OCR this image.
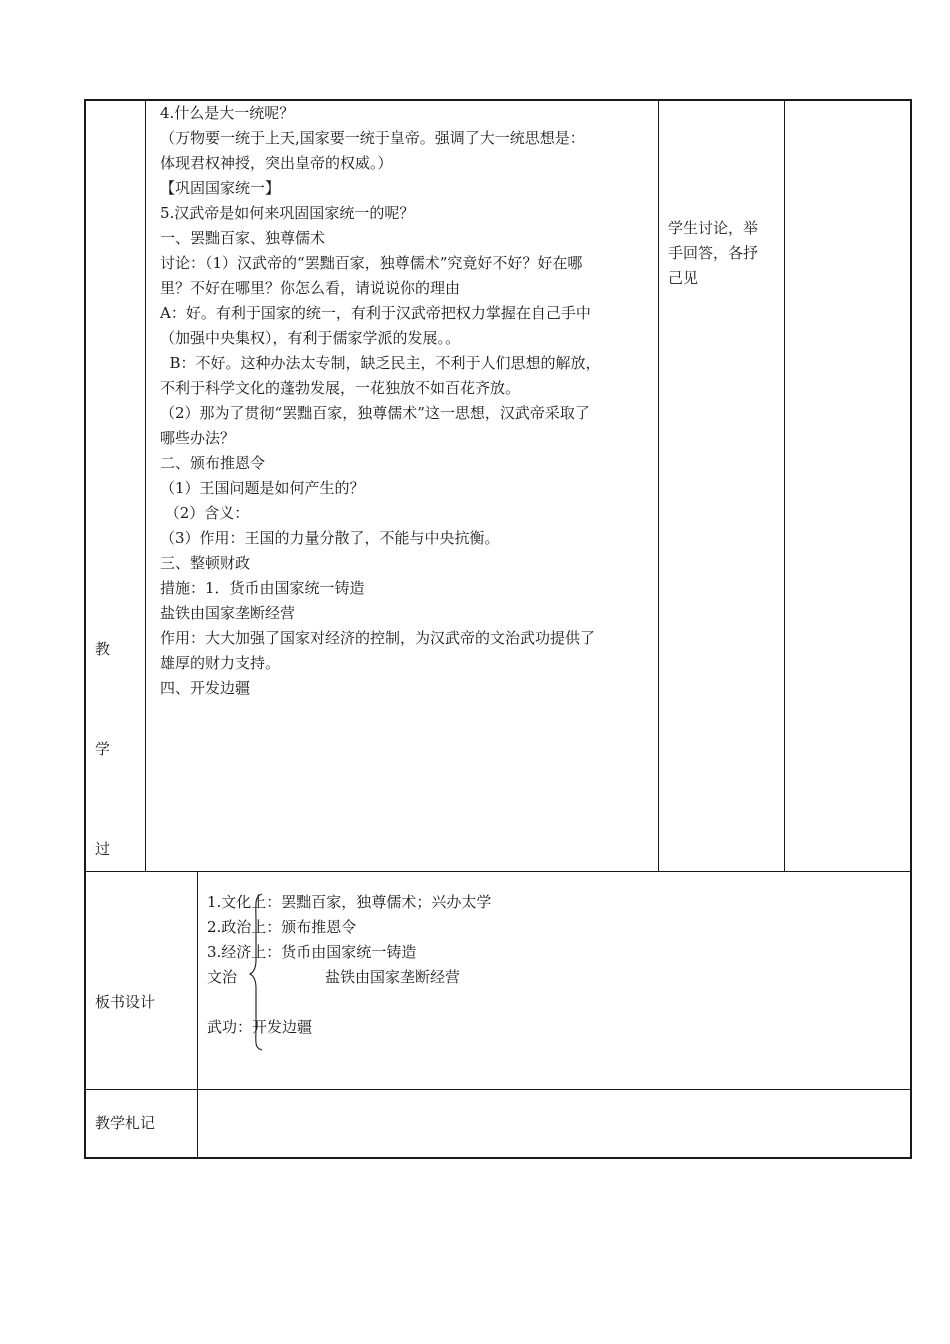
教
学
过
4.什么是大一统呢？
（万物要一统于上天,国家要一统于皇帝。强调了大一统思想是：
体现君权神授，突出皇帝的权威。）
【巩固国家统一】
5.汉武帝是如何来巩固国家统一的呢？
一、罢黜百家、独尊儒术
讨论：（1）汉武帝的“罢黜百家，独尊儒术”究竟好不好？好在哪
里？不好在哪里？你怎么看，请说说你的理由
A：好。有利于国家的统一，有利于汉武帝把权力掌握在自己手中
（加强中央集权），有利于儒家学派的发展。。
B：不好。这种办法太专制，缺乏民主，不利于人们思想的解放，
不利于科学文化的蓬勃发展，一花独放不如百花齐放。
（2）那为了贯彻“罢黜百家，独尊儒术”这一思想，汉武帝采取了
哪些办法？
二、颁布推恩令
（1）王国问题是如何产生的？
（2）含义：
（3）作用：王国的力量分散了，不能与中央抗衡。
三、整顿财政
措施：1．货币由国家统一铸造
盐铁由国家垄断经营
作用：大大加强了国家对经济的控制，为汉武帝的文治武功提供了
雄厚的财力支持。
四、开发边疆
学生讨论，举
手回答，各抒
己见
板书设计
1.文化上：罢黜百家，独尊儒术；兴办太学
2.政治上：颁布推恩令
3.经济上：货币由国家统一铸造
文治	盐铁由国家垄断经营
武功：开发边疆
教学札记
